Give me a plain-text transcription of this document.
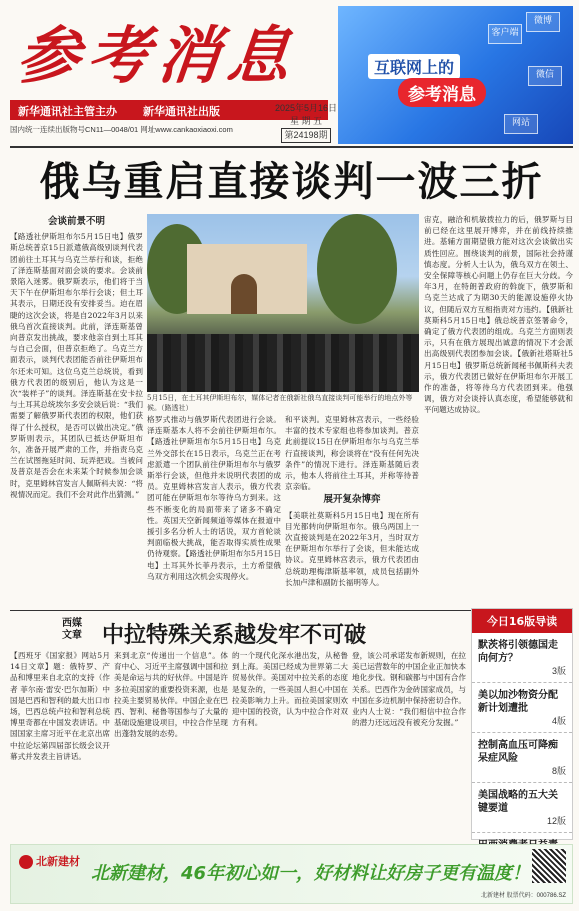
参考消息
新华通讯社主管主办 新华通讯社出版
国内统一连续出版物号CN11—0048/01 网址www.cankaoxiaoxi.com
2025年5月16日
星 期 五
第24198期
客户端
微博
微信
网站
互联网上的
参考消息
俄乌重启直接谈判一波三折
会谈前景不明
【路透社伊斯坦布尔5月15日电】俄罗斯总统普京15日派遣俄高级别谈判代表团前往土耳其与乌克兰举行和谈，拒绝了泽连斯基面对面会谈的要求。会谈前景陷入迷雾。俄罗斯表示，他们将于当天下午在伊斯坦布尔举行会谈；但土耳其表示，日期还没有安排妥当。迫在眉睫的这次会谈，将是自2022年3月以来俄乌首次直接谈判。此前，泽连斯基曾向普京发出挑战，要求他亲自到土耳其与自己会面，但普京拒绝了。乌克兰方面表示，谈判代表团能否前往伊斯坦布尔还未可知。这位乌克兰总统说，看到俄方代表团的级别后，他认为这是一次“装样子”的谈判。泽连斯基在安卡拉与土耳其总统埃尔多安会谈后说：“我们需要了解俄罗斯代表团的权限，他们获得了什么授权，是否可以做出决定。”俄罗斯则表示，其团队已抵达伊斯坦布尔，准备开展严肃的工作，并指责乌克兰在试图拖延时间、玩弄把戏。当被问及普京是否会在未来某个时候参加会谈时，克里姆林宫发言人佩斯科夫说：“将视情况而定。我们不会对此作出猜测。”
5月15日，在土耳其伊斯坦布尔，媒体记者在俄新社俄乌直接谈判可能举行的地点外等候。（路透社）
格罗式推动与俄罗斯代表团进行会谈。泽连斯基本人将不会前往伊斯坦布尔。【路透社伊斯坦布尔5月15日电】乌克兰外交部长在15日表示，乌克兰正在考虑派遣一个团队前往伊斯坦布尔与俄罗斯举行会谈，但他并未说明代表团的成员。克里姆林宫发言人表示，俄方代表团可能在伊斯坦布尔等待乌方到来。这些不断变化的局面带来了诸多不确定性。英国天空新闻频道等媒体在报道中援引多名分析人士的话说，双方首轮谈判面临极大挑战，能否取得实质性成果仍待观察。【路透社伊斯坦布尔5月15日电】土耳其外长菲丹表示，土方希望俄乌双方利用这次机会实现停火。
和平谈判。克里姆林宫表示，一些经验丰富的技术专家组也将参加谈判。普京此前提议15日在伊斯坦布尔与乌克兰举行直接谈判，称会谈将在“没有任何先决条件”的情况下进行。泽连斯基随后表示，他本人将前往土耳其，并称等待普京亲临。
展开复杂博弈
【美联社莫斯科5月15日电】现在所有目光都转向伊斯坦布尔。俄乌两国上一次直接谈判是在2022年3月，当时双方在伊斯坦布尔举行了会谈，但未能达成协议。克里姆林宫表示，俄方代表团由总统助理梅津斯基率领，成员包括副外长加卢津和副防长福明等人。
宙克，融洽和机敏拨拉力的后，俄罗斯与目前已经在这里展开博弈，并在前线持续推进。基辅方面期望俄方能对这次会谈做出实质性回应。围绕谈判的前景，国际社会持谨慎态度。分析人士认为，俄乌双方在领土、安全保障等核心问题上仍存在巨大分歧。今年3月，在特朗普政府的斡旋下，俄罗斯和乌克兰达成了为期30天的能源设施停火协议，但随后双方互相指责对方违约。【俄新社莫斯科5月15日电】俄总统普京签署命令，确定了俄方代表团的组成。乌克兰方面则表示，只有在俄方展现出诚意的情况下才会派出高级别代表团参加会谈。【俄新社塔斯社5月15日电】俄罗斯总统新闻秘书佩斯科夫表示，俄方代表团已做好在伊斯坦布尔开展工作的准备，将等待乌方代表团到来。他强调，俄方对会谈持认真态度，希望能够就和平问题达成协议。
西媒文章 中拉特殊关系越发牢不可破
【西班牙《国家报》网站5月14日文章】题：俄特罗、产品和博里来自北京的支持（作者 菲尔南·雷安·巴尔加斯）中国是巴西和智利的最大出口市场，巴西总统卢拉和智利总统博里奇都在中国发表讲话。中国国家主席习近平在北京出席中拉论坛第四届部长级会议开幕式并发表主旨讲话。
来到北京“传递出一个信息”。体育中心、习近平主席强调中国和拉美是命运与共的好伙伴。中国是许多拉美国家的重要投资来源，也是拉美主要贸易伙伴。中国企业在巴西、智利、秘鲁等国参与了大量的基础设施建设项目，中拉合作呈现出蓬勃发展的态势。
的一个现代化深水港出发，从秘鲁到上海。美国已经成为世界第二大贸易伙伴。美国对中拉关系的态度是复杂的，一些美国人担心中国在拉美影响力上升。而拉美国家则欢迎中国的投资，认为中拉合作对双方有利。
登，该公司承诺发布新规则，在拉美已运营数年的中国企业正加快本地化步伐。钢和碳都与中国有合作关系。巴西作为金砖国家成员，与中国在多边机制中保持密切合作。业内人士说：“我们相信中拉合作的潜力还远远没有被充分发掘。”
今日16版导读
默茨将引领德国走向何方？
3版
美以加沙物资分配新计划遭批
4版
控制高血压可降痴呆症风险
8版
美国战略的五大关键要道
12版
北新建材
北新建材，46年初心如一，好材料让好房子更有温度！
北新建材 股票代码：000786.SZ
